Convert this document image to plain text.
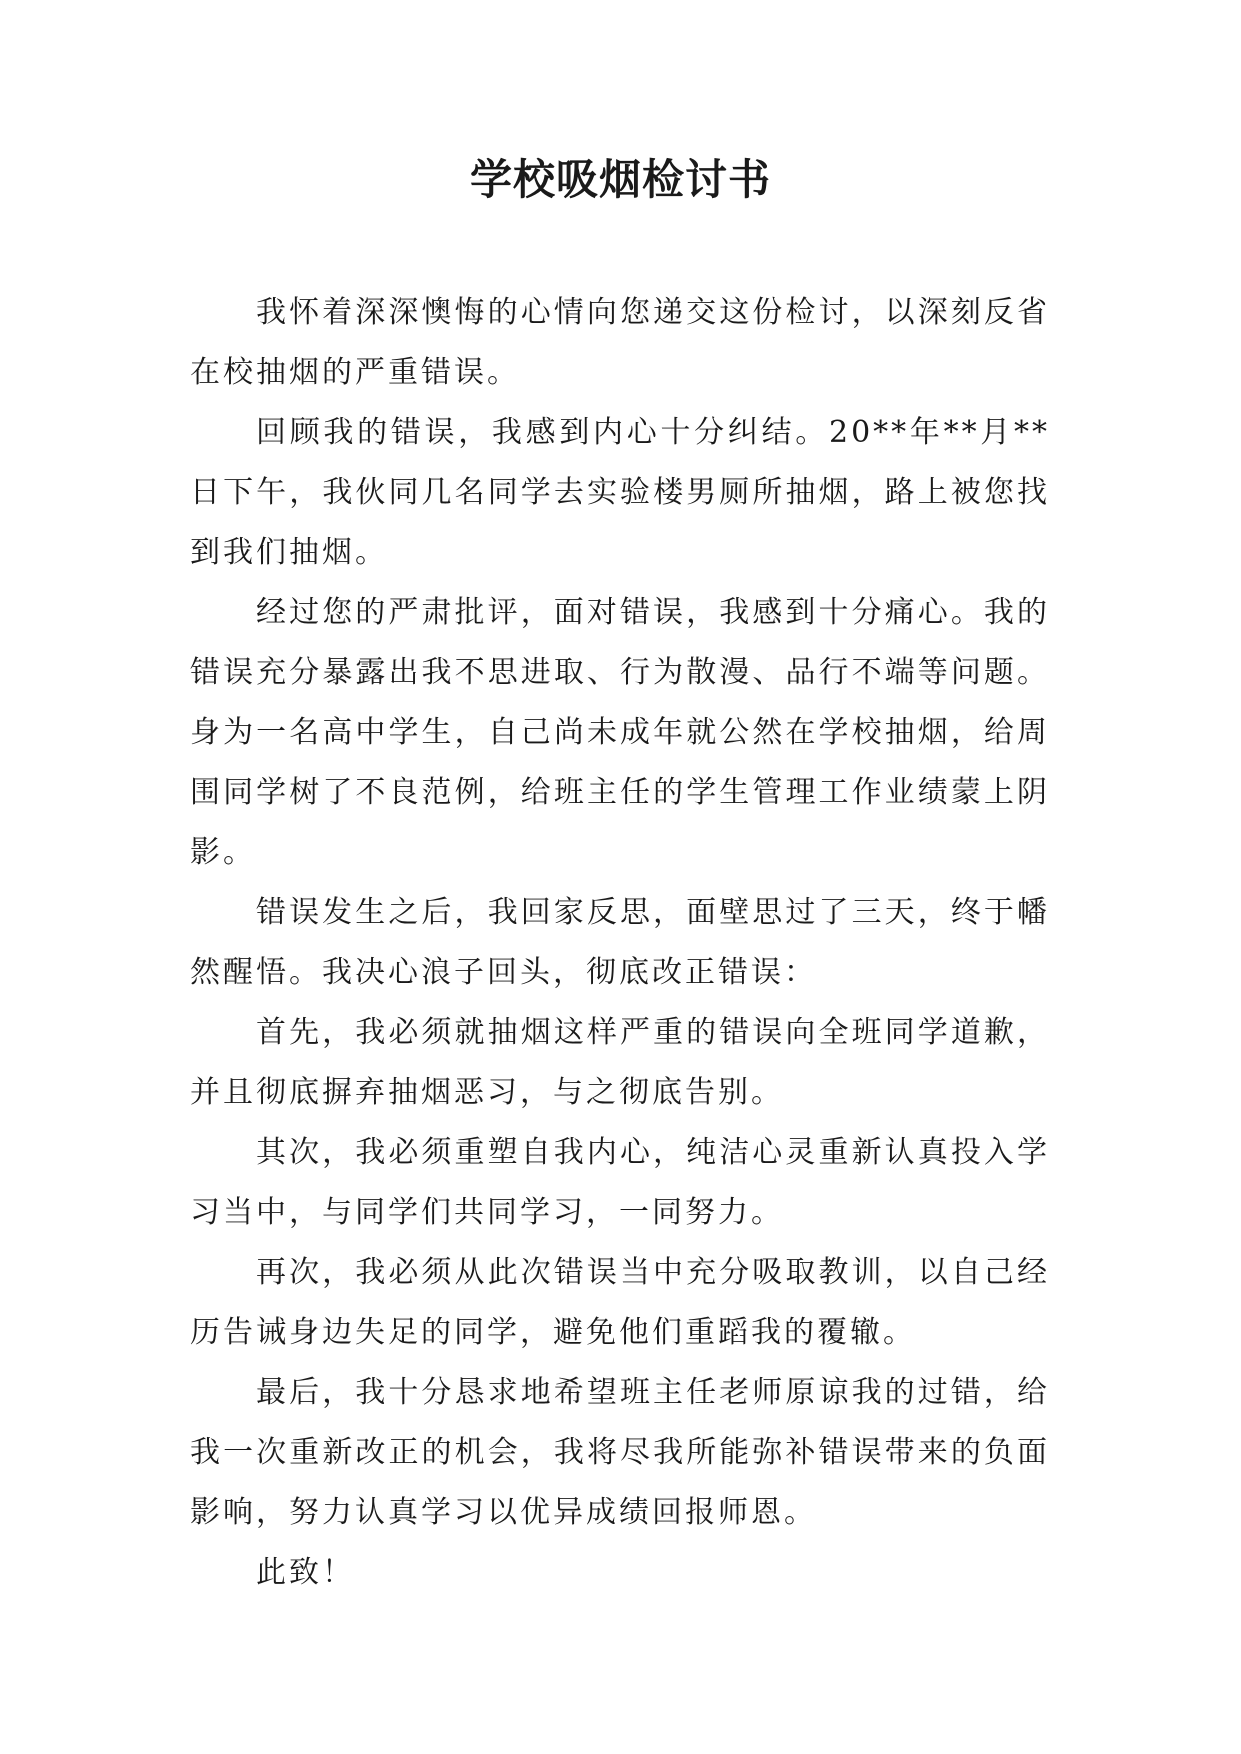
学校吸烟检讨书

我怀着深深懊悔的心情向您递交这份检讨，以深刻反省在校抽烟的严重错误。

回顾我的错误，我感到内心十分纠结。20**年**月**日下午，我伙同几名同学去实验楼男厕所抽烟，路上被您找到我们抽烟。

经过您的严肃批评，面对错误，我感到十分痛心。我的错误充分暴露出我不思进取、行为散漫、品行不端等问题。身为一名高中学生，自己尚未成年就公然在学校抽烟，给周围同学树了不良范例，给班主任的学生管理工作业绩蒙上阴影。

错误发生之后，我回家反思，面壁思过了三天，终于幡然醒悟。我决心浪子回头，彻底改正错误：

首先，我必须就抽烟这样严重的错误向全班同学道歉，并且彻底摒弃抽烟恶习，与之彻底告别。

其次，我必须重塑自我内心，纯洁心灵重新认真投入学习当中，与同学们共同学习，一同努力。

再次，我必须从此次错误当中充分吸取教训，以自己经历告诫身边失足的同学，避免他们重蹈我的覆辙。

最后，我十分恳求地希望班主任老师原谅我的过错，给我一次重新改正的机会，我将尽我所能弥补错误带来的负面影响，努力认真学习以优异成绩回报师恩。

此致！
